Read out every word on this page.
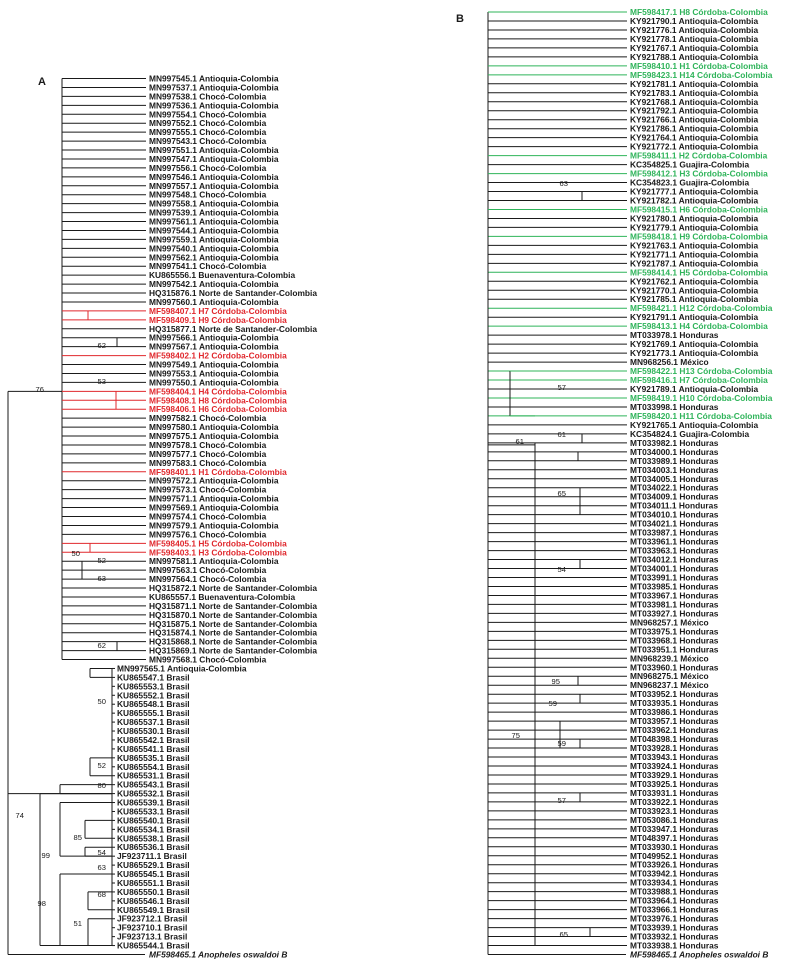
A	MN997545.1 Antioquia-Colombia
MN997537.1 Antioquia-Colombia
MN997538.1 Chocó-Colombia
MN997536.1 Antioquia-Colombia
MN997554.1 Chocó-Colombia
MN997552.1 Chocó-Colombia
MN997555.1 Chocó-Colombia
MN997543.1 Chocó-Colombia
MN997551.1 Antioquia-Colombia
MN997547.1 Antioquia-Colombia
MN997556.1 Chocó-Colombia
MN997546.1 Antioquia-Colombia
MN997557.1 Antioquia-Colombia
MN997548.1 Chocó-Colombia
MN997558.1 Antioquia-Colombia
MN997539.1 Antioquia-Colombia
MN997561.1 Antioquia-Colombia
MN997544.1 Antioquia-Colombia
MN997559.1 Antioquia-Colombia
MN997540.1 Antioquia-Colombia
MN997562.1 Antioquia-Colombia
MN997541.1 Chocó-Colombia
KU865556.1 Buenaventura-Colombia
MN997542.1 Antioquia-Colombia
HQ315876.1 Norte de Santander-Colombia
MN997560.1 Antioquia-Colombia
MF598407.1 H7 Córdoba-Colombia
MF598409.1 H9 Córdoba-Colombia
HQ315877.1 Norte de Santander-Colombia
MN997566.1 Antioquia-Colombia
MN997567.1 Antioquia-Colombia
MF598402.1 H2 Córdoba-Colombia
MN997549.1 Antioquia-Colombia
MN997553.1 Antioquia-Colombia
MN997550.1 Antioquia-Colombia
MF598404.1 H4 Córdoba-Colombia
MF598408.1 H8 Córdoba-Colombia
MF598406.1 H6 Córdoba-Colombia
MN997582.1 Chocó-Colombia
MN997580.1 Antioquia-Colombia
MN997575.1 Antioquia-Colombia
MN997578.1 Chocó-Colombia
MN997577.1 Chocó-Colombia
MN997583.1 Chocó-Colombia
MF598401.1 H1 Córdoba-Colombia
MN997572.1 Antioquia-Colombia
MN997573.1 Chocó-Colombia
MN997571.1 Antioquia-Colombia
MN997569.1 Antioquia-Colombia
MN997574.1 Chocó-Colombia
MN997579.1 Antioquia-Colombia
MN997576.1 Chocó-Colombia
MF598405.1 H5 Córdoba-Colombia
MF598403.1 H3 Córdoba-Colombia
MN997581.1 Antioquia-Colombia
MN997563.1 Chocó-Colombia
MN997564.1 Chocó-Colombia
HQ315872.1 Norte de Santander-Colombia
KU865557.1 Buenaventura-Colombia
HQ315871.1 Norte de Santander-Colombia
HQ315870.1 Norte de Santander-Colombia
HQ315875.1 Norte de Santander-Colombia
HQ315874.1 Norte de Santander-Colombia
HQ315868.1 Norte de Santander-Colombia
HQ315869.1 Norte de Santander-Colombia
MN997568.1 Chocó-Colombia
MN997565.1 Antioquia-Colombia
KU865547.1 Brasil
KU865553.1 Brasil
KU865552.1 Brasil
KU865548.1 Brasil
KU865555.1 Brasil
KU865537.1 Brasil
KU865530.1 Brasil
KU865542.1 Brasil
KU865541.1 Brasil
KU865535.1 Brasil
KU865554.1 Brasil
KU865531.1 Brasil
KU865543.1 Brasil
KU865532.1 Brasil
KU865539.1 Brasil
KU865533.1 Brasil
KU865540.1 Brasil
KU865534.1 Brasil
KU865538.1 Brasil
KU865536.1 Brasil
JF923711.1 Brasil
KU865529.1 Brasil
KU865545.1 Brasil
KU865551.1 Brasil
KU865550.1 Brasil
KU865546.1 Brasil
KU865549.1 Brasil
JF923712.1 Brasil
JF923710.1 Brasil
JF923713.1 Brasil
KU865544.1 Brasil
MF598465.1 Anopheles oswaldoi B
76
62
53
50
52
63
62
50
52
80
74
99
85
54
63
98
68
51
B
MF598417.1 H8 Córdoba-Colombia
KY921790.1 Antioquia-Colombia
KY921776.1 Antioquia-Colombia
KY921778.1 Antioquia-Colombia
KY921767.1 Antioquia-Colombia
KY921788.1 Antioquia-Colombia
MF598410.1 H1 Córdoba-Colombia
MF598423.1 H14 Córdoba-Colombia
KY921781.1 Antioquia-Colombia
KY921783.1 Antioquia-Colombia
KY921768.1 Antioquia-Colombia
KY921792.1 Antioquia-Colombia
KY921766.1 Antioquia-Colombia
KY921786.1 Antioquia-Colombia
KY921764.1 Antioquia-Colombia
KY921772.1 Antioquia-Colombia
MF598411.1 H2 Córdoba-Colombia
KC354825.1 Guajira-Colombia
MF598412.1 H3 Córdoba-Colombia
KC354823.1 Guajira-Colombia
KY921777.1 Antioquia-Colombia
KY921782.1 Antioquia-Colombia
MF598415.1 H6 Córdoba-Colombia
KY921780.1 Antioquia-Colombia
KY921779.1 Antioquia-Colombia
MF598418.1 H9 Córdoba-Colombia
KY921763.1 Antioquia-Colombia
KY921771.1 Antioquia-Colombia
KY921787.1 Antioquia-Colombia
MF598414.1 H5 Córdoba-Colombia
KY921762.1 Antioquia-Colombia
KY921770.1 Antioquia-Colombia
KY921785.1 Antioquia-Colombia
MF598421.1 H12 Córdoba-Colombia
KY921791.1 Antioquia-Colombia
MF598413.1 H4 Córdoba-Colombia
MT033978.1 Honduras
KY921769.1 Antioquia-Colombia
KY921773.1 Antioquia-Colombia
MN968256.1 México
MF598422.1 H13 Córdoba-Colombia
MF598416.1 H7 Córdoba-Colombia
KY921789.1 Antioquia-Colombia
MF598419.1 H10 Córdoba-Colombia
MT033998.1 Honduras
MF598420.1 H11 Córdoba-Colombia
KY921765.1 Antioquia-Colombia
KC354824.1 Guajira-Colombia
MT033982.1 Honduras
MT034000.1 Honduras
MT033989.1 Honduras
MT034003.1 Honduras
MT034005.1 Honduras
MT034022.1 Honduras
MT034009.1 Honduras
MT034011.1 Honduras
MT034010.1 Honduras
MT034021.1 Honduras
MT033987.1 Honduras
MT033961.1 Honduras
MT033963.1 Honduras
MT034012.1 Honduras
MT034001.1 Honduras
MT033991.1 Honduras
MT033985.1 Honduras
MT033967.1 Honduras
MT033981.1 Honduras
MT033927.1 Honduras
MN968257.1 México
MT033975.1 Honduras
MT033968.1 Honduras
MT033951.1 Honduras
MN968239.1 México
MT033960.1 Honduras
MN968275.1 México
MN968237.1 México
MT033952.1 Honduras
MT033935.1 Honduras
MT033986.1 Honduras
MT033957.1 Honduras
MT033962.1 Honduras
MT048398.1 Honduras
MT033928.1 Honduras
MT033943.1 Honduras
MT033924.1 Honduras
MT033929.1 Honduras
MT033925.1 Honduras
MT033931.1 Honduras
MT033922.1 Honduras
MT033923.1 Honduras
MT053086.1 Honduras
MT033947.1 Honduras
MT048397.1 Honduras
MT033930.1 Honduras
MT049952.1 Honduras
MT033926.1 Honduras
MT033942.1 Honduras
MT033934.1 Honduras
MT033988.1 Honduras
MT033964.1 Honduras
MT033966.1 Honduras
MT033976.1 Honduras
MT033939.1 Honduras
MT033932.1 Honduras
MT033938.1 Honduras
MF598465.1 Anopheles oswaldoi B
63
57
61
61
65
54
95
59
75
59
57
65
